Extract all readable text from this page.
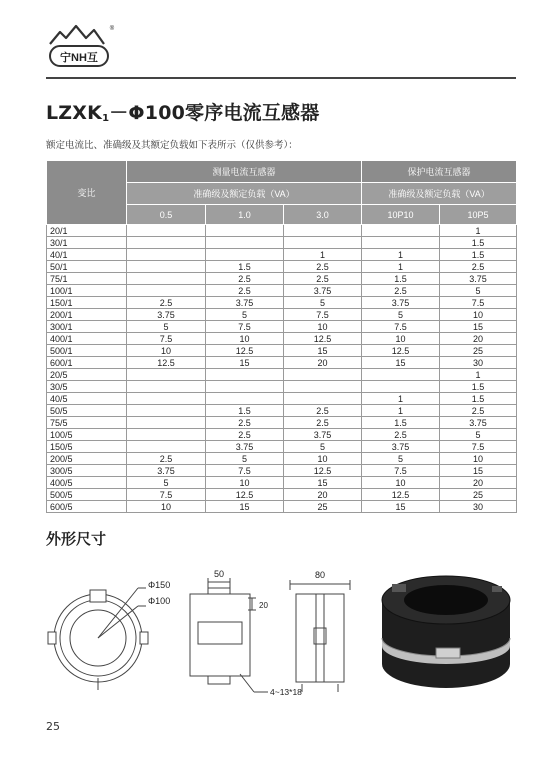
宁NH互
®
$LZXK_1-\Phi 100$零序电流互感器
额定电流比、准确级及其额定负载如下表所示（仅供参考）：
变比	测量电流互感器			保护电流互感器	
	准确级及额定负载（VA）			准确级及额定负载（VA）	
	0.5	1.0	3.0	10P10	10P5
20/1					1
30/1					1.5
40/1			1	1	1.5
50/1		1.5	2.5	1	2.5
75/1		2.5	2.5	1.5	3.75
100/1		2.5	3.75	2.5	5
150/1	2.5	3.75	5	3.75	7.5
200/1	3.75	5	7.5	5	10
300/1	5	7.5	10	7.5	15
400/1	7.5	10	12.5	10	20
500/1	10	12.5	15	12.5	25
600/1	12.5	15	20	15	30
20/5					1
30/5					1.5
40/5				1	1.5
50/5		1.5	2.5	1	2.5
75/5		2.5	2.5	1.5	3.75
100/5		2.5	3.75	2.5	5
150/5		3.75	5	3.75	7.5
200/5	2.5	5	10	5	10
300/5	3.75	7.5	12.5	7.5	15
400/5	5	10	15	10	20
500/5	7.5	12.5	20	12.5	25
600/5	10	15	25	15	30
外形尺寸
Φ150
Φ100
50
20
4~13*18
80
25
